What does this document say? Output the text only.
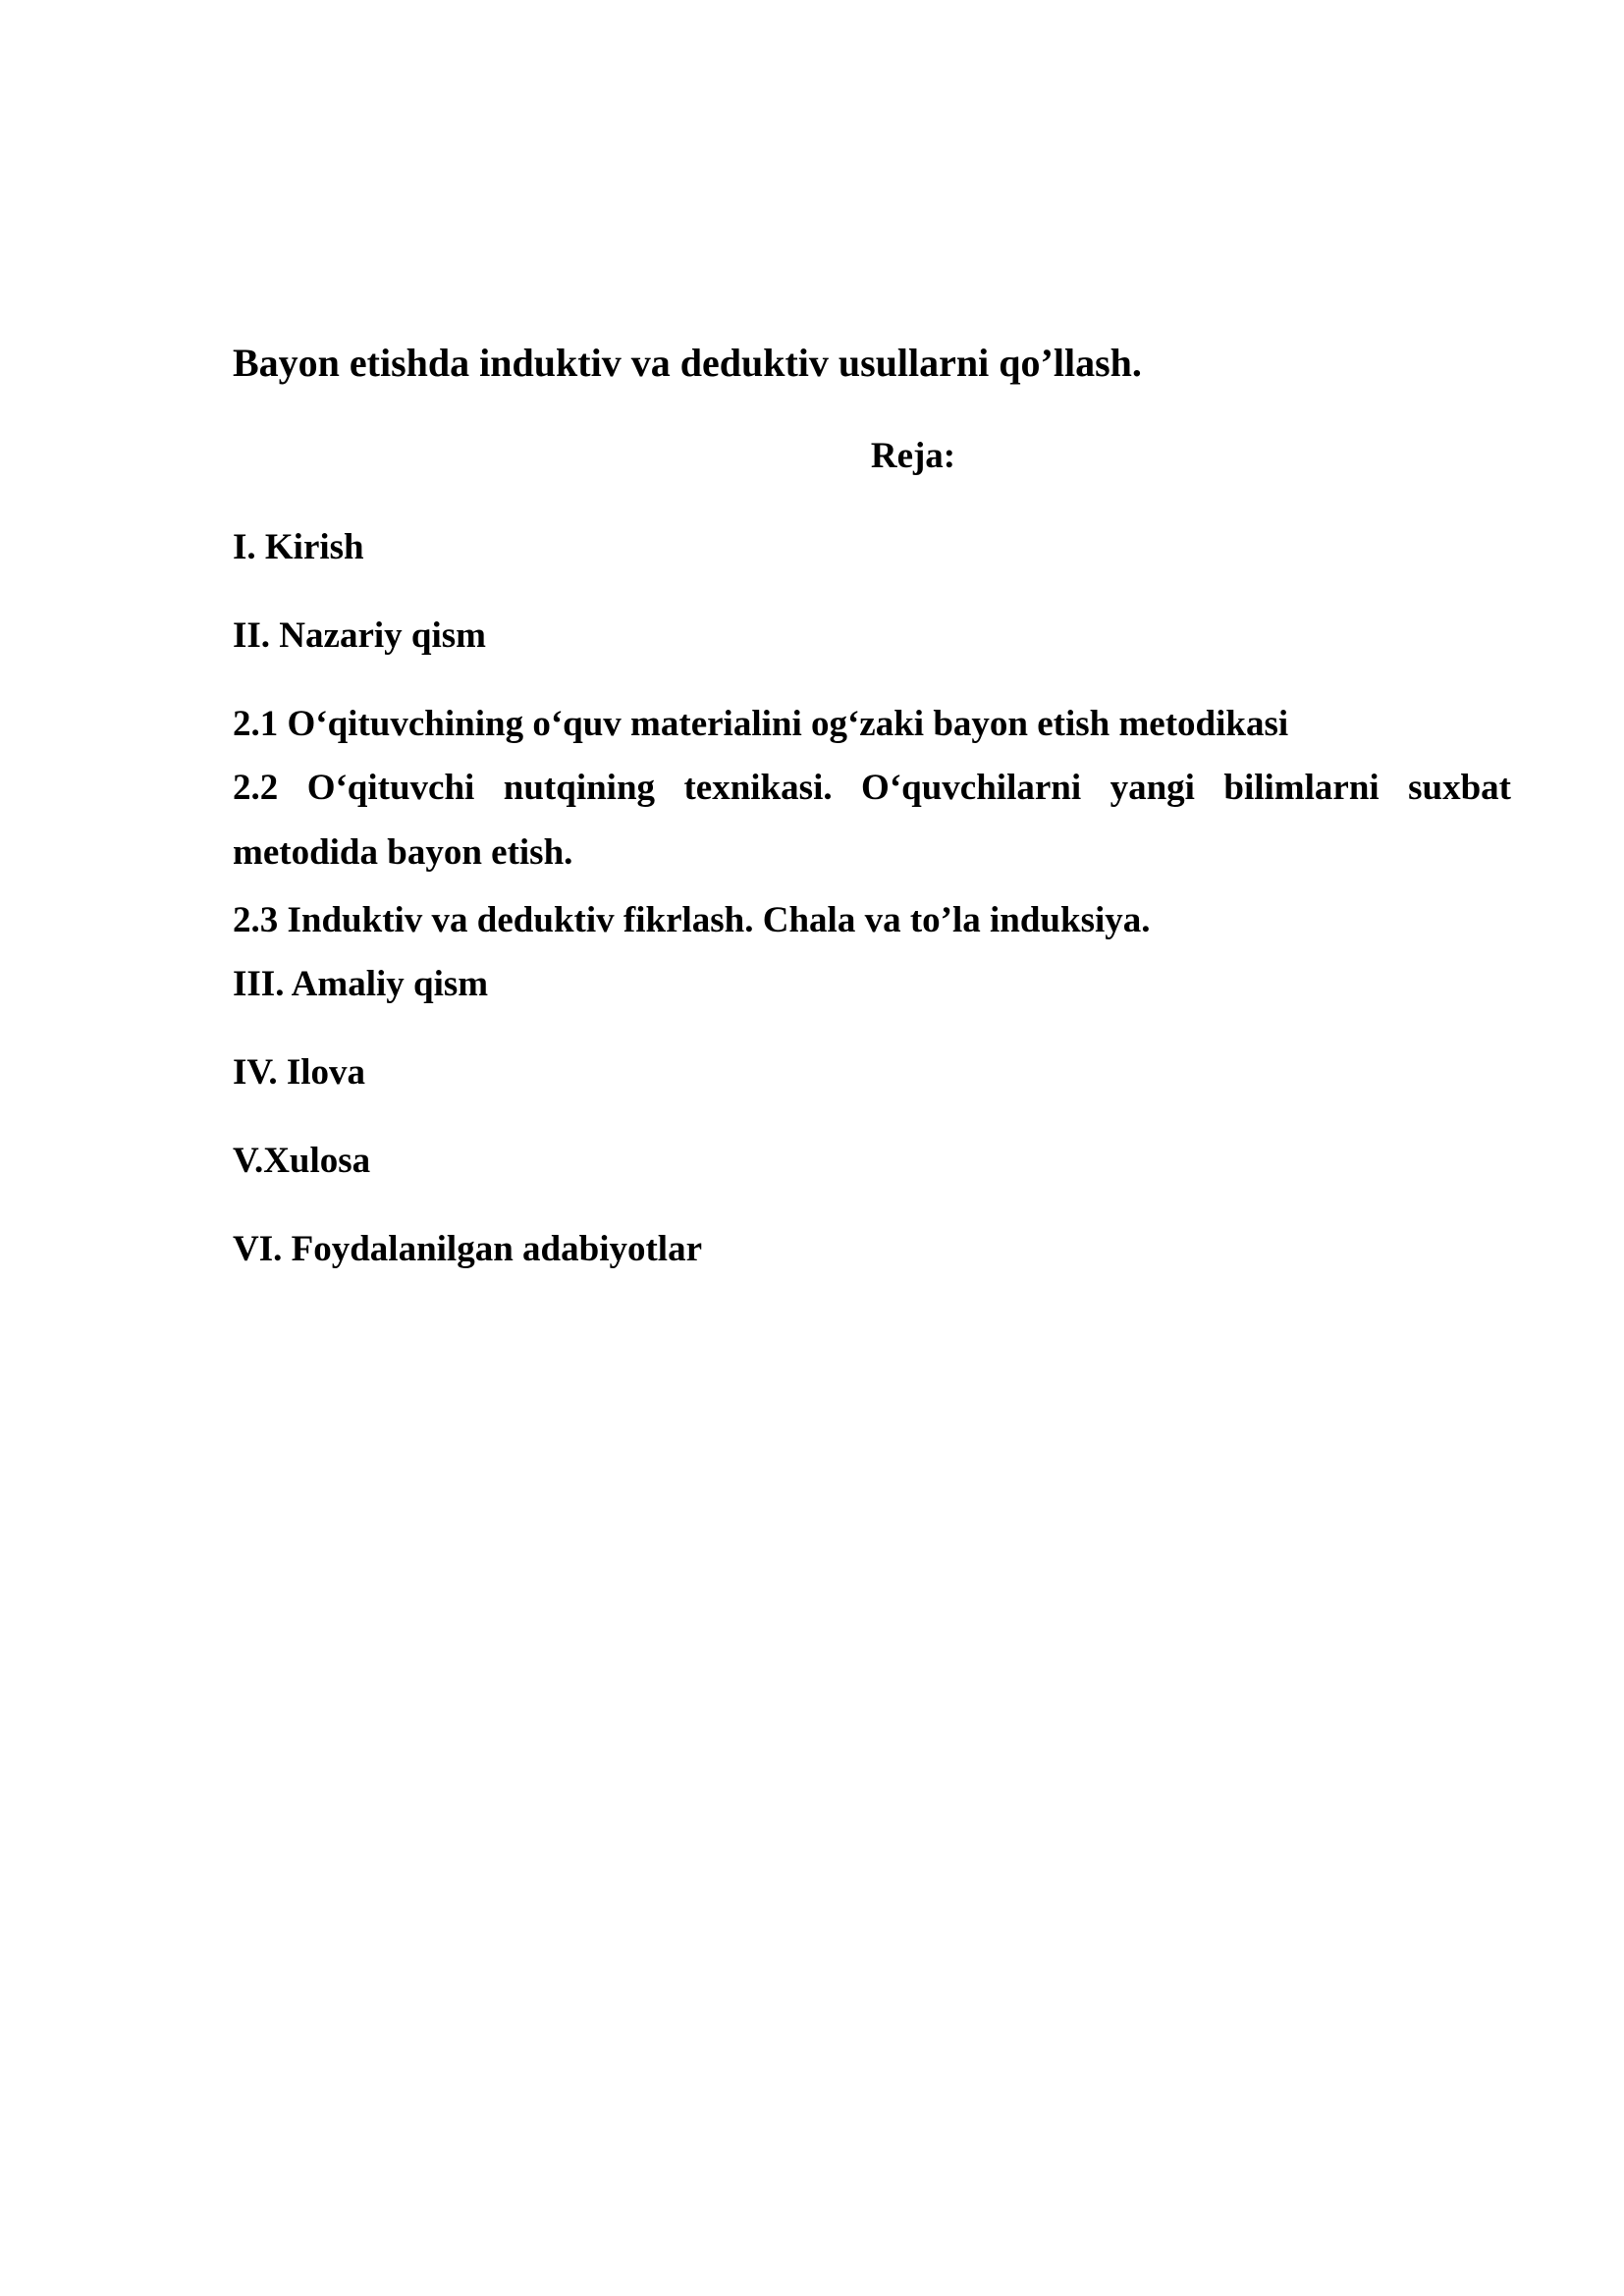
Bayon etishda induktiv va deduktiv usullarni qo’llash.

Reja:

I. Kirish

II. Nazariy qism

2.1 O‘qituvchining o‘quv materialini og‘zaki bayon etish metodikasi

2.2 O‘qituvchi nutqining texnikasi. O‘quvchilarni yangi bilimlarni suxbat metodida bayon etish.

2.3 Induktiv va deduktiv fikrlash. Chala va to’la induksiya.

III. Amaliy qism

IV. Ilova

V.Xulosa

VI. Foydalanilgan adabiyotlar
